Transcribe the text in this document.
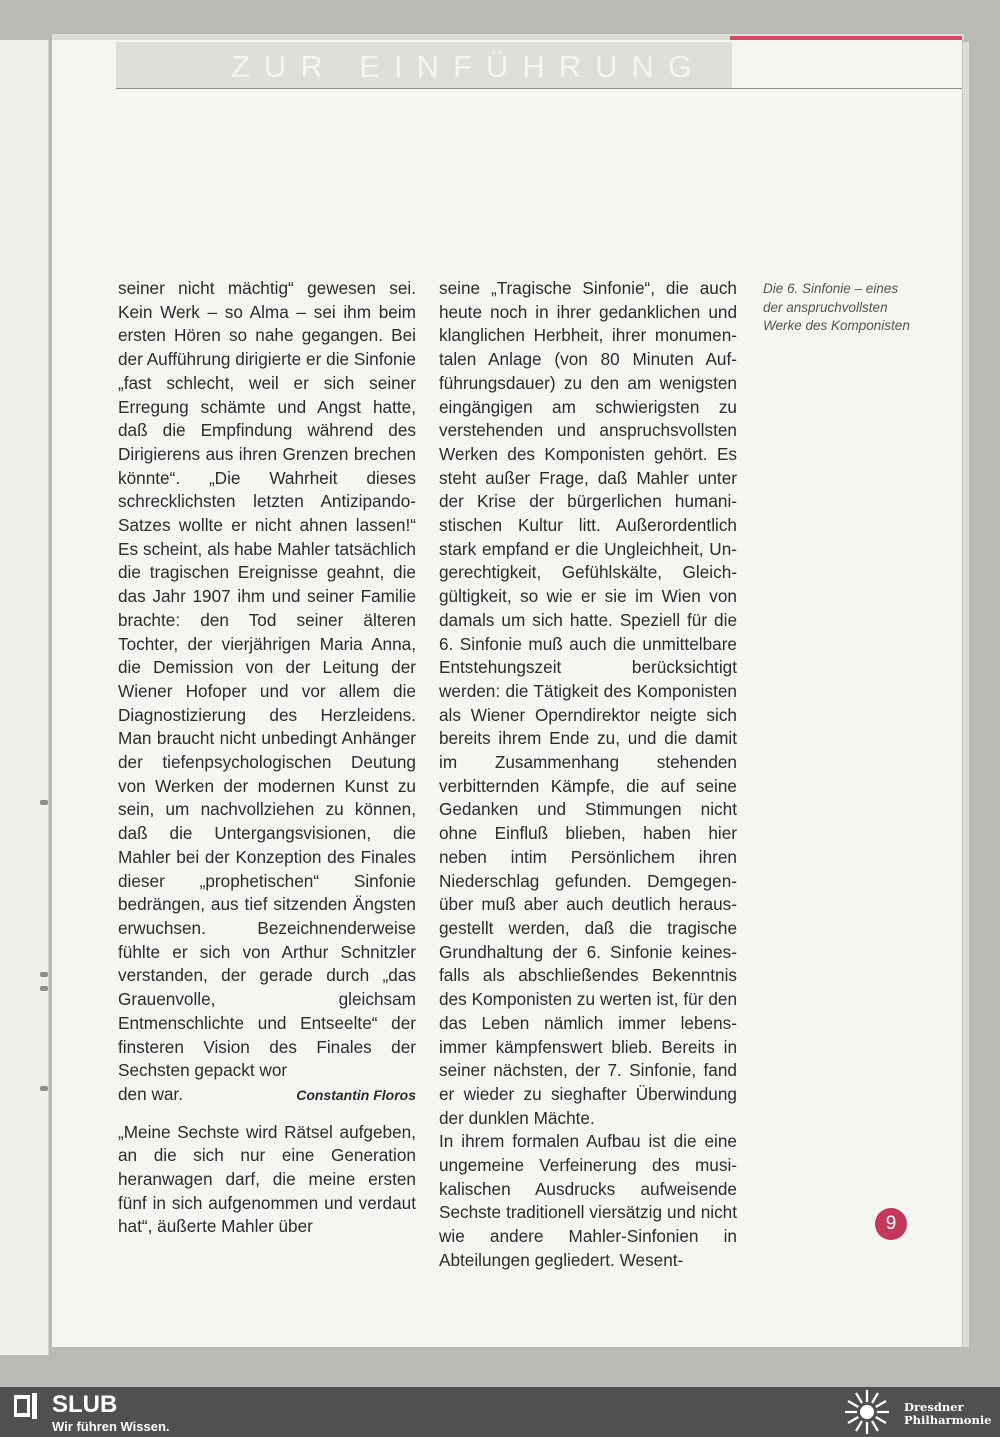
ZUR EINFÜHRUNG

seiner nicht mächtig“ gewesen sei. Kein Werk – so Alma – sei ihm beim ersten Hören so nahe gegangen. Bei der Aufführung dirigierte er die Sinfonie „fast schlecht, weil er sich seiner Erregung schämte und Angst hatte, daß die Empfindung während des Dirigierens aus ihren Grenzen brechen könnte“. „Die Wahrheit dieses schrecklichsten letzten Antizipando-Satzes wollte er nicht ahnen lassen!“ Es scheint, als habe Mahler tatsächlich die tragischen Ereignisse geahnt, die das Jahr 1907 ihm und seiner Familie brachte: den Tod seiner älteren Tochter, der vierjährigen Maria Anna, die Demission von der Leitung der Wiener Hofoper und vor allem die Diagnostizierung des Herzleidens. Man braucht nicht unbedingt Anhänger der tiefenpsychologischen Deutung von Werken der modernen Kunst zu sein, um nachvollziehen zu können, daß die Untergangsvisionen, die Mahler bei der Konzeption des Finales dieser „prophetischen“ Sinfonie bedrängen, aus tief sitzenden Ängsten erwuchsen. Bezeichnenderweise fühlte er sich von Arthur Schnitzler verstanden, der gerade durch „das Grauenvolle, gleichsam Entmenschlichte und Entseelte“ der finsteren Vision des Finales der Sechsten gepackt wor

den war.	Constantin Floros

„Meine Sechste wird Rätsel aufgeben, an die sich nur eine Generation heranwagen darf, die meine ersten fünf in sich aufgenommen und verdaut hat“, äußerte Mahler über

seine „Tragische Sinfonie“, die auch heute noch in ihrer gedanklichen und klanglichen Herbheit, ihrer monumentalen Anlage (von 80 Minuten Aufführungsdauer) zu den am wenigsten eingängigen am schwierigsten zu verstehenden und anspruchsvollsten Werken des Komponisten gehört. Es steht außer Frage, daß Mahler unter der Krise der bürgerlichen humanistischen Kultur litt. Außerordentlich stark empfand er die Ungleichheit, Ungerechtigkeit, Gefühlskälte, Gleichgültigkeit, so wie er sie im Wien von damals um sich hatte. Speziell für die 6. Sinfonie muß auch die unmittelbare Entstehungszeit berücksichtigt werden: die Tätigkeit des Komponisten als Wiener Operndirektor neigte sich bereits ihrem Ende zu, und die damit im Zusammenhang stehenden verbitternden Kämpfe, die auf seine Gedanken und Stimmungen nicht ohne Einfluß blieben, haben hier neben intim Persönlichem ihren Niederschlag gefunden. Demgegenüber muß aber auch deutlich herausgestellt werden, daß die tragische Grundhaltung der 6. Sinfonie keinesfalls als abschließendes Bekenntnis des Komponisten zu werten ist, für den das Leben nämlich immer lebensimmer kämpfenswert blieb. Bereits in seiner nächsten, der 7. Sinfonie, fand er wieder zu sieghafter Überwindung der dunklen Mächte.

In ihrem formalen Aufbau ist die eine ungemeine Verfeinerung des musikalischen Ausdrucks aufweisende Sechste traditionell viersätzig und nicht wie andere Mahler-Sinfonien in Abteilungen gegliedert. Wesent-

Die 6. Sinfonie – eines der anspruchvollsten Werke des Komponisten
9
SLUB
Wir führen Wissen.
Dresdner
Philharmonie
